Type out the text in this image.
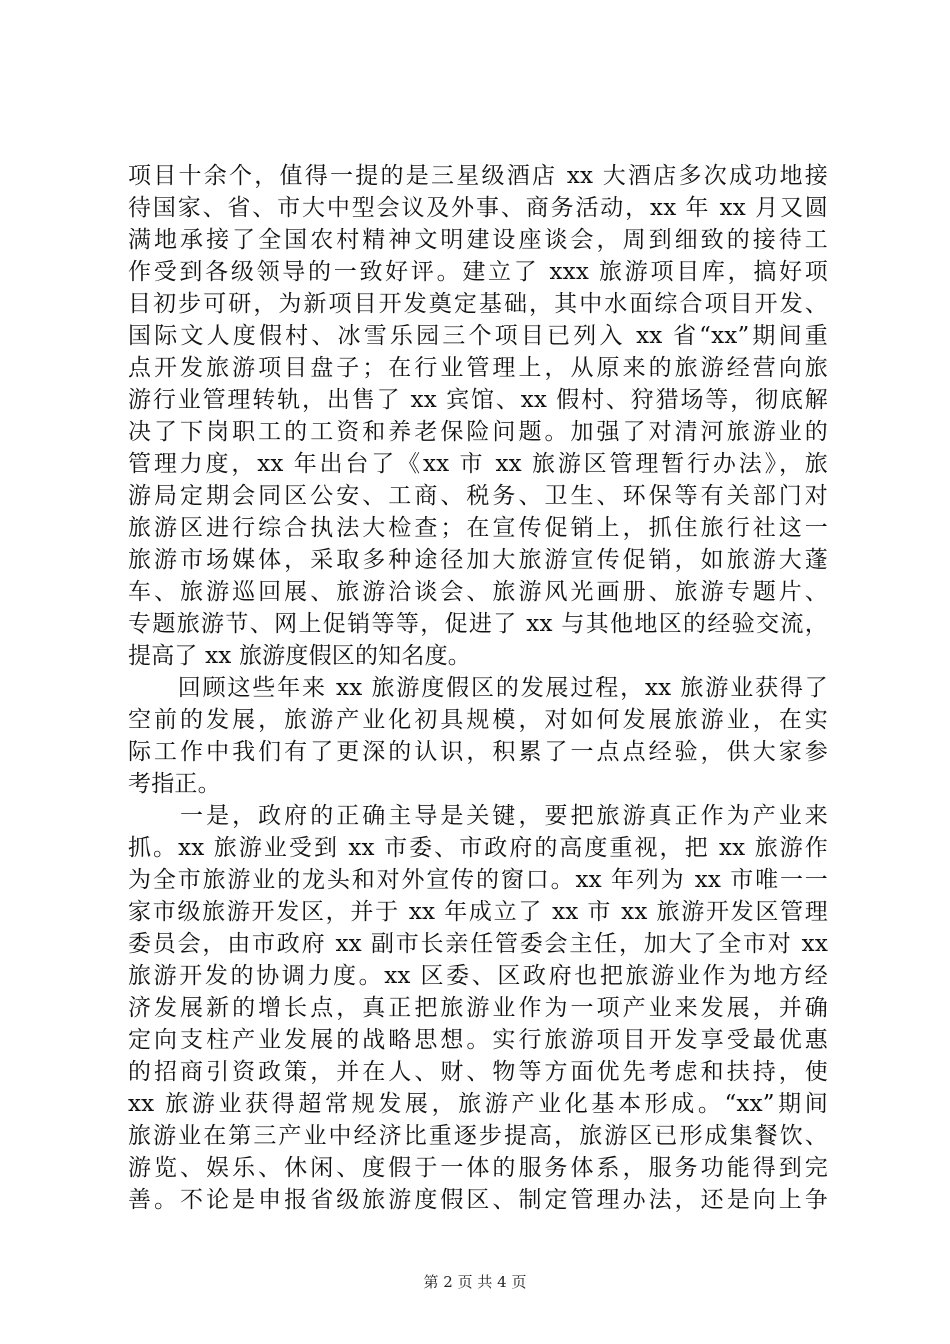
项目十余个，值得一提的是三星级酒店 xx 大酒店多次成功地接
待国家、省、市大中型会议及外事、商务活动，xx 年 xx 月又圆
满地承接了全国农村精神文明建设座谈会，周到细致的接待工
作受到各级领导的一致好评。建立了 xxx 旅游项目库，搞好项
目初步可研，为新项目开发奠定基础，其中水面综合项目开发、
国际文人度假村、冰雪乐园三个项目已列入 xx 省“xx”期间重
点开发旅游项目盘子；在行业管理上，从原来的旅游经营向旅
游行业管理转轨，出售了 xx 宾馆、xx 假村、狩猎场等，彻底解
决了下岗职工的工资和养老保险问题。加强了对清河旅游业的
管理力度，xx 年出台了《xx 市 xx 旅游区管理暂行办法》，旅
游局定期会同区公安、工商、税务、卫生、环保等有关部门对
旅游区进行综合执法大检查；在宣传促销上，抓住旅行社这一
旅游市场媒体，采取多种途径加大旅游宣传促销，如旅游大蓬
车、旅游巡回展、旅游洽谈会、旅游风光画册、旅游专题片、
专题旅游节、网上促销等等，促进了 xx 与其他地区的经验交流，
提高了 xx 旅游度假区的知名度。
　　回顾这些年来 xx 旅游度假区的发展过程，xx 旅游业获得了
空前的发展，旅游产业化初具规模，对如何发展旅游业，在实
际工作中我们有了更深的认识，积累了一点点经验，供大家参
考指正。
　　一是，政府的正确主导是关键，要把旅游真正作为产业来
抓。xx 旅游业受到 xx 市委、市政府的高度重视，把 xx 旅游作
为全市旅游业的龙头和对外宣传的窗口。xx 年列为 xx 市唯一一
家市级旅游开发区，并于 xx 年成立了 xx 市 xx 旅游开发区管理
委员会，由市政府 xx 副市长亲任管委会主任，加大了全市对 xx
旅游开发的协调力度。xx 区委、区政府也把旅游业作为地方经
济发展新的增长点，真正把旅游业作为一项产业来发展，并确
定向支柱产业发展的战略思想。实行旅游项目开发享受最优惠
的招商引资政策，并在人、财、物等方面优先考虑和扶持，使
xx 旅游业获得超常规发展，旅游产业化基本形成。“xx”期间
旅游业在第三产业中经济比重逐步提高，旅游区已形成集餐饮、
游览、娱乐、休闲、度假于一体的服务体系，服务功能得到完
善。不论是申报省级旅游度假区、制定管理办法，还是向上争
第 2 页 共 4 页
